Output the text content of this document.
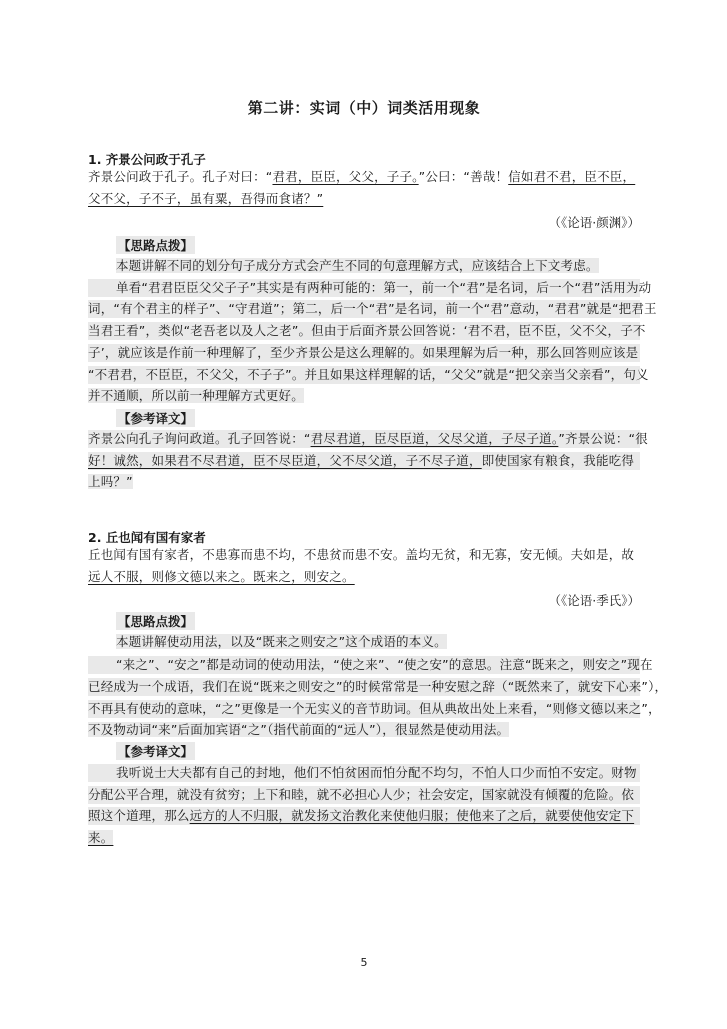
第二讲：实词（中）词类活用现象
1. 齐景公问政于孔子
齐景公问政于孔子。孔子对曰：“君君，臣臣，父父，子子。”公曰：“善哉！信如君不君，臣不臣，
父不父，子不子，虽有粟，吾得而食诸？”
（《论语·颜渊》）
【思路点拨】
本题讲解不同的划分句子成分方式会产生不同的句意理解方式，应该结合上下文考虑。
单看“君君臣臣父父子子”其实是有两种可能的：第一，前一个“君”是名词，后一个“君”活用为动
词，“有个君主的样子”、“守君道”；第二，后一个“君”是名词，前一个“君”意动，“君君”就是“把君王
当君王看”，类似“老吾老以及人之老”。但由于后面齐景公回答说：‘君不君，臣不臣，父不父，子不
子’，就应该是作前一种理解了，至少齐景公是这么理解的。如果理解为后一种，那么回答则应该是
“不君君，不臣臣，不父父，不子子”。并且如果这样理解的话，“父父”就是“把父亲当父亲看”，句义
并不通顺，所以前一种理解方式更好。
【参考译文】
齐景公向孔子询问政道。孔子回答说：“君尽君道，臣尽臣道，父尽父道，子尽子道。”齐景公说：“很
好！诚然，如果君不尽君道，臣不尽臣道，父不尽父道，子不尽子道，即使国家有粮食，我能吃得
上吗？”
2. 丘也闻有国有家者
丘也闻有国有家者，不患寡而患不均，不患贫而患不安。盖均无贫，和无寡，安无倾。夫如是，故
远人不服，则修文德以来之。既来之，则安之。
（《论语·季氏》）
【思路点拨】
本题讲解使动用法，以及“既来之则安之”这个成语的本义。
“来之”、“安之”都是动词的使动用法，“使之来”、“使之安”的意思。注意“既来之，则安之”现在
已经成为一个成语，我们在说“既来之则安之”的时候常常是一种安慰之辞（“既然来了，就安下心来”），
不再具有使动的意味，“之”更像是一个无实义的音节助词。但从典故出处上来看，“则修文德以来之”，
不及物动词“来”后面加宾语“之”（指代前面的“远人”），很显然是使动用法。
【参考译文】
我听说士大夫都有自己的封地，他们不怕贫困而怕分配不均匀，不怕人口少而怕不安定。财物
分配公平合理，就没有贫穷；上下和睦，就不必担心人少；社会安定，国家就没有倾覆的危险。依
照这个道理，那么远方的人不归服，就发扬文治教化来使他归服；使他来了之后，就要使他安定下
来。
5
